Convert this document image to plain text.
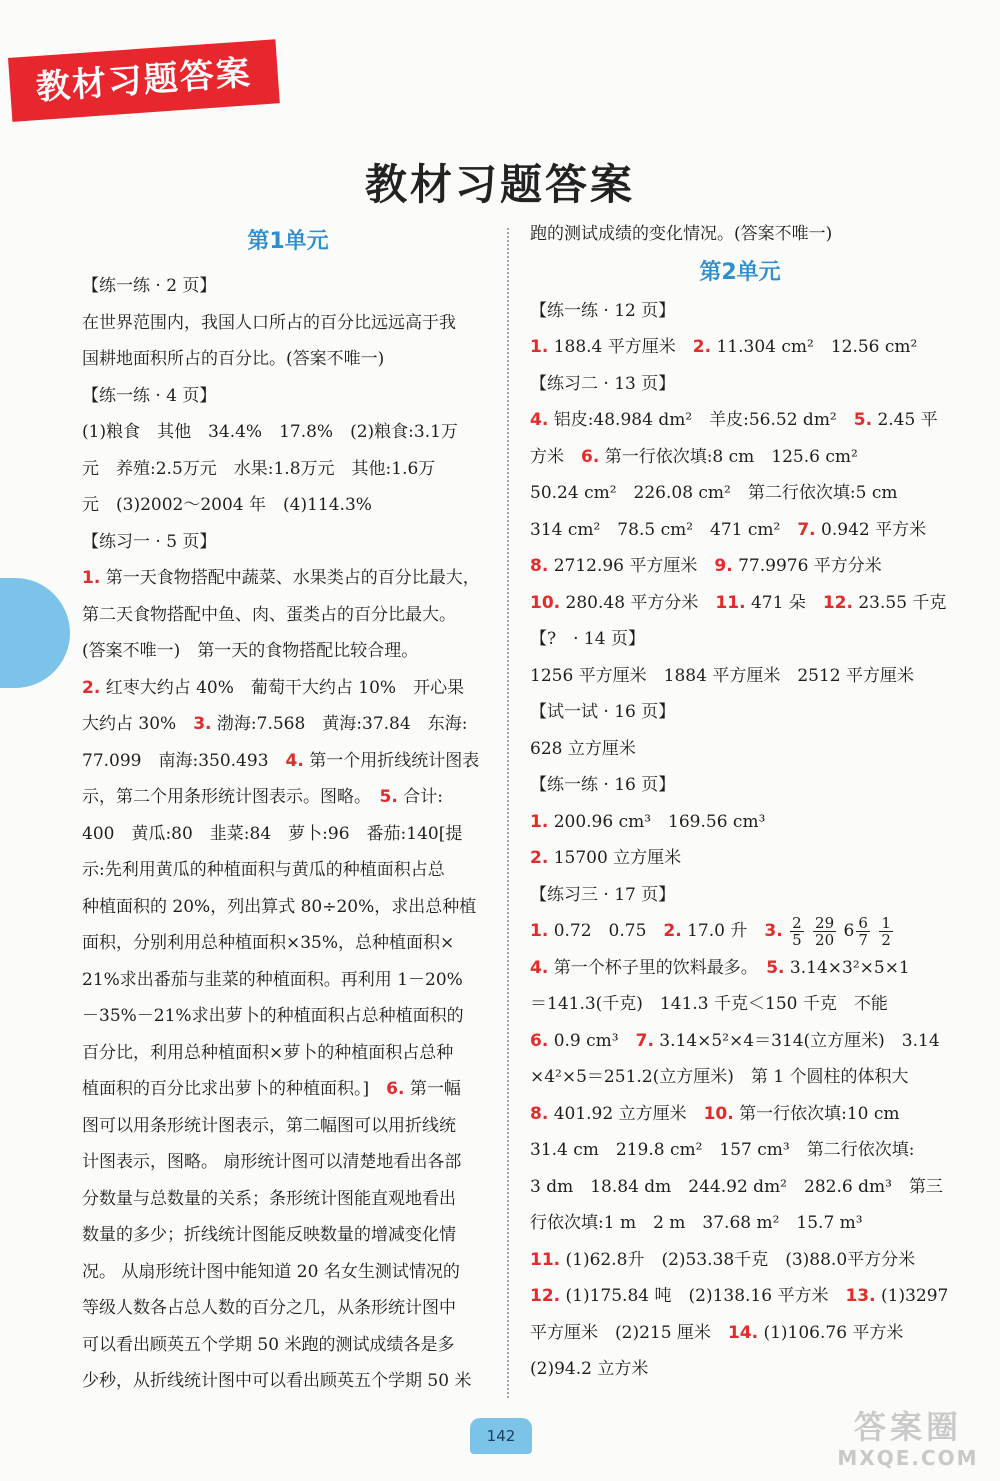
教材习题答案
教材习题答案
第1单元
【练一练 · 2 页】
在世界范围内，我国人口所占的百分比远远高于我
国耕地面积所占的百分比。(答案不唯一)
【练一练 · 4 页】
(1)粮食　其他　34.4%　17.8%　(2)粮食:3.1万
元　养殖:2.5万元　水果:1.8万元　其他:1.6万
元　(3)2002～2004 年　(4)114.3%
【练习一 · 5 页】
1. 第一天食物搭配中蔬菜、水果类占的百分比最大，
第二天食物搭配中鱼、肉、蛋类占的百分比最大。
(答案不唯一)　第一天的食物搭配比较合理。
2. 红枣大约占 40%　葡萄干大约占 10%　开心果
大约占 30%　3. 渤海:7.568　黄海:37.84　东海:
77.099　南海:350.493　4. 第一个用折线统计图表
示，第二个用条形统计图表示。图略。　5. 合计:
400　黄瓜:80　韭菜:84　萝卜:96　番茄:140[提
示:先利用黄瓜的种植面积与黄瓜的种植面积占总
种植面积的 20%，列出算式 80÷20%，求出总种植
面积，分别利用总种植面积×35%，总种植面积×
21%求出番茄与韭菜的种植面积。再利用 1－20%
－35%－21%求出萝卜的种植面积占总种植面积的
百分比，利用总种植面积×萝卜的种植面积占总种
植面积的百分比求出萝卜的种植面积。]　6. 第一幅
图可以用条形统计图表示，第二幅图可以用折线统
计图表示，图略。 扇形统计图可以清楚地看出各部
分数量与总数量的关系；条形统计图能直观地看出
数量的多少；折线统计图能反映数量的增减变化情
况。 从扇形统计图中能知道 20 名女生测试情况的
等级人数各占总人数的百分之几，从条形统计图中
可以看出顾英五个学期 50 米跑的测试成绩各是多
少秒，从折线统计图中可以看出顾英五个学期 50 米
跑的测试成绩的变化情况。(答案不唯一)
第2单元
【练一练 · 12 页】
1. 188.4 平方厘米　2. 11.304 cm²　12.56 cm²
【练习二 · 13 页】
4. 铝皮:48.984 dm²　羊皮:56.52 dm²　5. 2.45 平
方米　6. 第一行依次填:8 cm　125.6 cm²
50.24 cm²　226.08 cm²　第二行依次填:5 cm
314 cm²　78.5 cm²　471 cm²　7. 0.942 平方米
8. 2712.96 平方厘米　9. 77.9976 平方分米
10. 280.48 平方分米　11. 471 朵　12. 23.55 千克
【?　· 14 页】
1256 平方厘米　1884 平方厘米　2512 平方厘米
【试一试 · 16 页】
628 立方厘米
【练一练 · 16 页】
1. 200.96 cm³　169.56 cm³
2. 15700 立方厘米
【练习三 · 17 页】
1. 0.72　0.75　2. 17.0 升　3. $\frac{2}{5}$
$\frac{29}{20} 6 \frac{6}{7}$
$\frac{1}{2}$
4. 第一个杯子里的饮料最多。　5. 3.14×3²×5×1
＝141.3(千克)　141.3 千克＜150 千克　不能
6. 0.9 cm³　7. 3.14×5²×4＝314(立方厘米)　3.14
×4²×5＝251.2(立方厘米)　第 1 个圆柱的体积大
8. 401.92 立方厘米　10. 第一行依次填:10 cm
31.4 cm　219.8 cm²　157 cm³　第二行依次填:
3 dm　18.84 dm　244.92 dm²　282.6 dm³　第三
行依次填:1 m　2 m　37.68 m²　15.7 m³
11. (1)62.8升　(2)53.38千克　(3)88.0平方分米
12. (1)175.84 吨　(2)138.16 平方米　13. (1)3297
平方厘米　(2)215 厘米　14. (1)106.76 平方米
(2)94.2 立方米
142	答案圈
MXQE.COM
